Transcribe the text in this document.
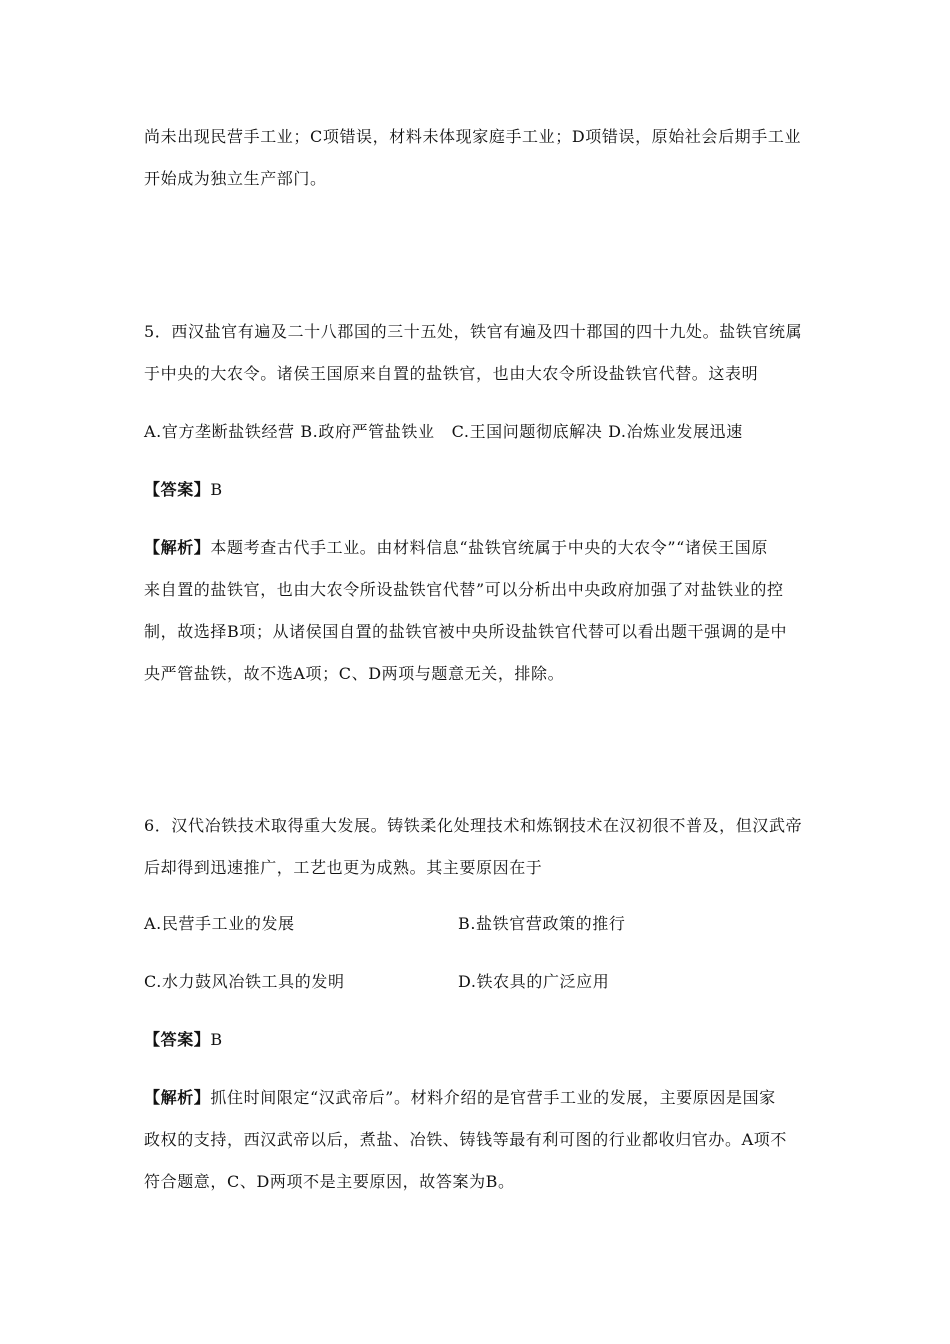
尚未出现民营手工业；C项错误，材料未体现家庭手工业；D项错误，原始社会后期手工业
开始成为独立生产部门。
5．西汉盐官有遍及二十八郡国的三十五处，铁官有遍及四十郡国的四十九处。盐铁官统属
于中央的大农令。诸侯王国原来自置的盐铁官，也由大农令所设盐铁官代替。这表明
A.官方垄断盐铁经营 B.政府严管盐铁业   C.王国问题彻底解决 D.冶炼业发展迅速
【答案】B
【解析】本题考查古代手工业。由材料信息“盐铁官统属于中央的大农令”“诸侯王国原
来自置的盐铁官，也由大农令所设盐铁官代替”可以分析出中央政府加强了对盐铁业的控
制，故选择B项；从诸侯国自置的盐铁官被中央所设盐铁官代替可以看出题干强调的是中
央严管盐铁，故不选A项；C、D两项与题意无关，排除。
6．汉代冶铁技术取得重大发展。铸铁柔化处理技术和炼钢技术在汉初很不普及，但汉武帝
后却得到迅速推广，工艺也更为成熟。其主要原因在于
A.民营手工业的发展	B.盐铁官营政策的推行
C.水力鼓风冶铁工具的发明	D.铁农具的广泛应用
【答案】B
【解析】抓住时间限定“汉武帝后”。材料介绍的是官营手工业的发展，主要原因是国家
政权的支持，西汉武帝以后，煮盐、冶铁、铸钱等最有利可图的行业都收归官办。A项不
符合题意，C、D两项不是主要原因，故答案为B。
